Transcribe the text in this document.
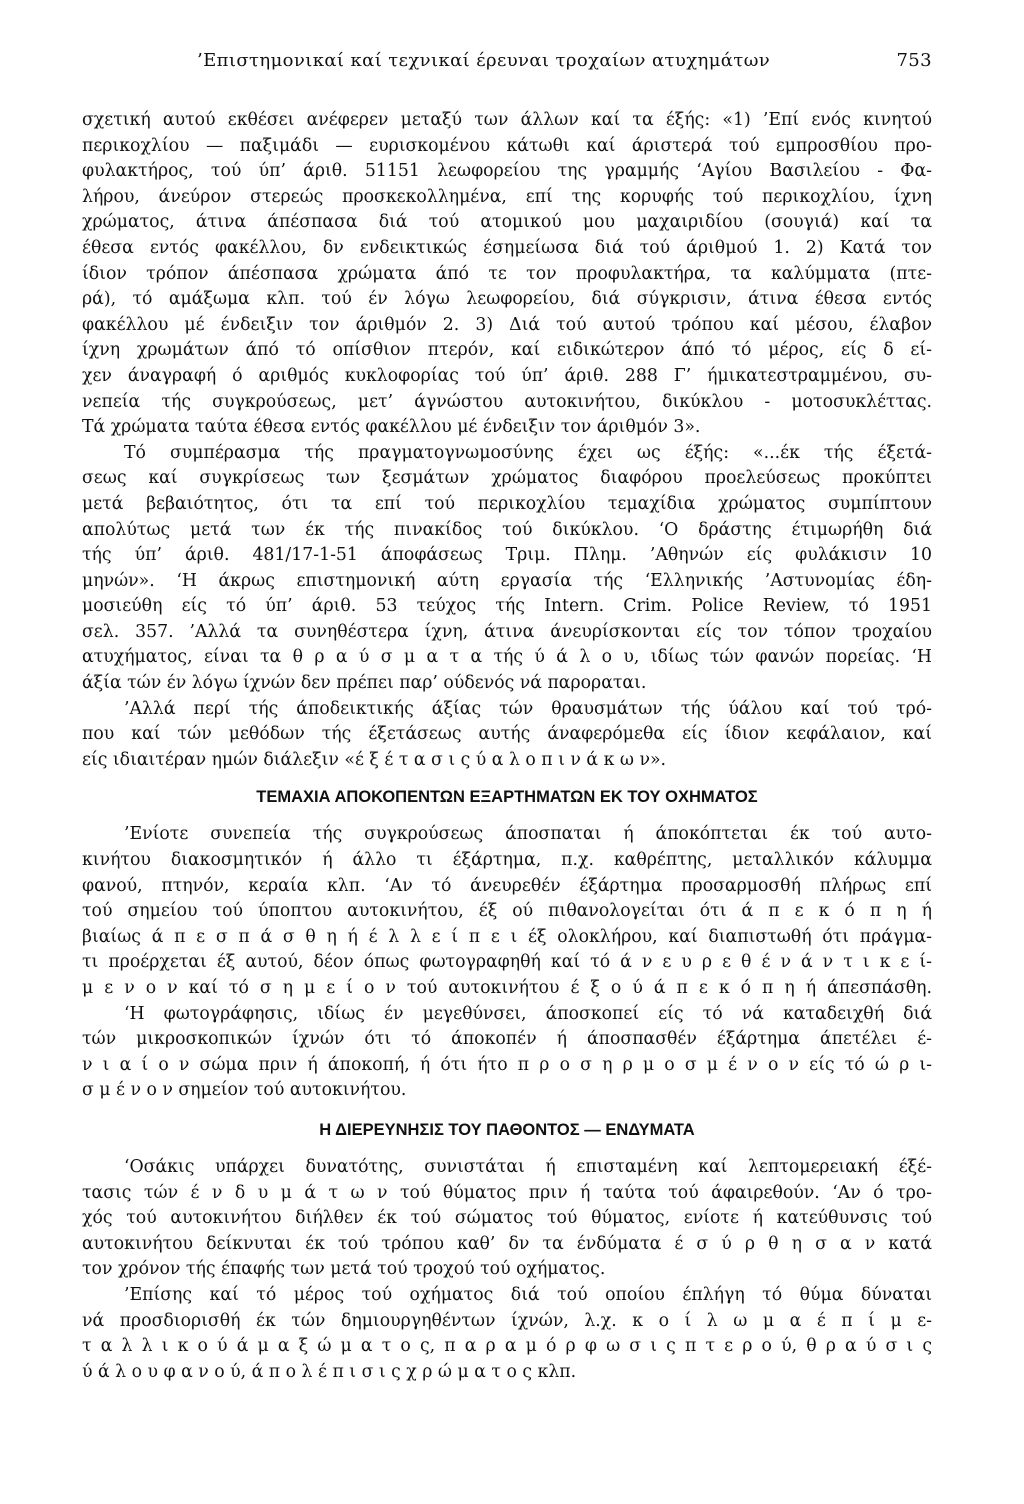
’Επιστημονικαί καί τεχνικαί έρευναι τροχαίων ατυχημάτων	753

σχετική αυτού εκθέσει ανέφερεν μεταξύ των άλλων καί τα έξής: «1) ’Επί ενός κινητού

περικοχλίου — παξιμάδι — ευρισκομένου κάτωθι καί άριστερά τού εμπροσθίου προ-

φυλακτήρος, τού ύπ’ άριθ. 51151 λεωφορείου της γραμμής ‘Αγίου Βασιλείου - Φα-

λήρου, άνεύρον στερεώς προσκεκολλημένα, επί της κορυφής τού περικοχλίου, ίχνη

χρώματος, άτινα άπέσπασα διά τού ατομικού μου μαχαιριδίου (σουγιά) καί τα

έθεσα εντός φακέλλου, δν ενδεικτικώς έσημείωσα διά τού άριθμού 1. 2) Κατά τον

ίδιον τρόπον άπέσπασα χρώματα άπό τε τον προφυλακτήρα, τα καλύμματα (πτε-

ρά), τό αμάξωμα κλπ. τού έν λόγω λεωφορείου, διά σύγκρισιν, άτινα έθεσα εντός

φακέλλου μέ ένδειξιν τον άριθμόν 2. 3) Διά τού αυτού τρόπου καί μέσου, έλαβον

ίχνη χρωμάτων άπό τό οπίσθιον πτερόν, καί ειδικώτερον άπό τό μέρος, είς δ εί-

χεν άναγραφή ό αριθμός κυκλοφορίας τού ύπ’ άριθ. 288 Γ’ ήμικατεστραμμένου, συ-

νεπεία τής συγκρούσεως, μετ’ άγνώστου αυτοκινήτου, δικύκλου - μοτοσυκλέττας.

Τά χρώματα ταύτα έθεσα εντός φακέλλου μέ ένδειξιν τον άριθμόν 3».

Τό συμπέρασμα τής πραγματογνωμοσύνης έχει ως έξής: «...έκ τής έξετά-

σεως καί συγκρίσεως των ξεσμάτων χρώματος διαφόρου προελεύσεως προκύπτει

μετά βεβαιότητος, ότι τα επί τού περικοχλίου τεμαχίδια χρώματος συμπίπτουν

απολύτως μετά των έκ τής πινακίδος τού δικύκλου. ‘Ο δράστης έτιμωρήθη διά

τής ύπ’ άριθ. 481/17-1-51 άποφάσεως Τριμ. Πλημ. ’Αθηνών είς φυλάκισιν 10

μηνών». ‘Η άκρως επιστημονική αύτη εργασία τής ‘Ελληνικής ’Αστυνομίας έδη-

μοσιεύθη είς τό ύπ’ άριθ. 53 τεύχος τής Intern. Crim. Police Review, τό 1951

σελ. 357. ’Αλλά τα συνηθέστερα ίχνη, άτινα άνευρίσκονται είς τον τόπον τροχαίου

ατυχήματος, είναι τα θ ρ α ύ σ μ α τ α τής ύ ά λ ο υ, ιδίως τών φανών πορείας. ‘Η

άξία τών έν λόγω ίχνών δεν πρέπει παρ’ ούδενός νά παροραται.

’Αλλά περί τής άποδεικτικής άξίας τών θραυσμάτων τής ύάλου καί τού τρό-

που καί τών μεθόδων τής έξετάσεως αυτής άναφερόμεθα είς ίδιον κεφάλαιον, καί

είς ιδιαιτέραν ημών διάλεξιν «έ ξ έ τ α σ ι ς ύ α λ ο π ι ν ά κ ω ν».

ΤΕΜΑΧΙΑ ΑΠΟΚΟΠΕΝΤΩΝ ΕΞΑΡΤΗΜΑΤΩΝ ΕΚ ΤΟΥ ΟΧΗΜΑΤΟΣ

’Ενίοτε συνεπεία τής συγκρούσεως άποσπαται ή άποκόπτεται έκ τού αυτο-

κινήτου διακοσμητικόν ή άλλο τι έξάρτημα, π.χ. καθρέπτης, μεταλλικόν κάλυμμα

φανού, πτηνόν, κεραία κλπ. ‘Αν τό άνευρεθέν έξάρτημα προσαρμοσθή πλήρως επί

τού σημείου τού ύποπτου αυτοκινήτου, έξ ού πιθανολογείται ότι ά π ε κ ό π η ή

βιαίως ά π ε σ π ά σ θ η ή έ λ λ ε ί π ε ι έξ ολοκλήρου, καί διαπιστωθή ότι πράγμα-

τι προέρχεται έξ αυτού, δέον όπως φωτογραφηθή καί τό ά ν ε υ ρ ε θ έ ν ά ν τ ι κ ε ί-

μ ε ν ο ν καί τό σ η μ ε ί ο ν τού αυτοκινήτου έ ξ ο ύ ά π ε κ ό π η ή άπεσπάσθη.

‘Η φωτογράφησις, ιδίως έν μεγεθύνσει, άποσκοπεί είς τό νά καταδειχθή διά

τών μικροσκοπικών ίχνών ότι τό άποκοπέν ή άποσπασθέν έξάρτημα άπετέλει έ-

ν ι α ί ο ν σώμα πριν ή άποκοπή, ή ότι ήτο π ρ ο σ η ρ μ ο σ μ έ ν ο ν είς τό ώ ρ ι-

σ μ έ ν ο ν σημείον τού αυτοκινήτου.

Η ΔΙΕΡΕΥΝΗΣΙΣ ΤΟΥ ΠΑΘΟΝΤΟΣ — ΕΝΔΥΜΑΤΑ

‘Οσάκις υπάρχει δυνατότης, συνιστάται ή επισταμένη καί λεπτομερειακή έξέ-

τασις τών έ ν δ υ μ ά τ ω ν τού θύματος πριν ή ταύτα τού άφαιρεθούν. ‘Αν ό τρο-

χός τού αυτοκινήτου διήλθεν έκ τού σώματος τού θύματος, ενίοτε ή κατεύθυνσις τού

αυτοκινήτου δείκνυται έκ τού τρόπου καθ’ δν τα ένδύματα έ σ ύ ρ θ η σ α ν κατά

τον χρόνον τής έπαφής των μετά τού τροχού τού οχήματος.

’Επίσης καί τό μέρος τού οχήματος διά τού οποίου έπλήγη τό θύμα δύναται

νά προσδιορισθή έκ τών δημιουργηθέντων ίχνών, λ.χ. κ ο ί λ ω μ α έ π ί μ ε-

τ α λ λ ι κ ο ύ ά μ α ξ ώ μ α τ ο ς, π α ρ α μ ό ρ φ ω σ ι ς π τ ε ρ ο ύ, θ ρ α ύ σ ι ς

ύ ά λ ο υ φ α ν ο ύ, ά π ο λ έ π ι σ ι ς χ ρ ώ μ α τ ο ς κλπ.
